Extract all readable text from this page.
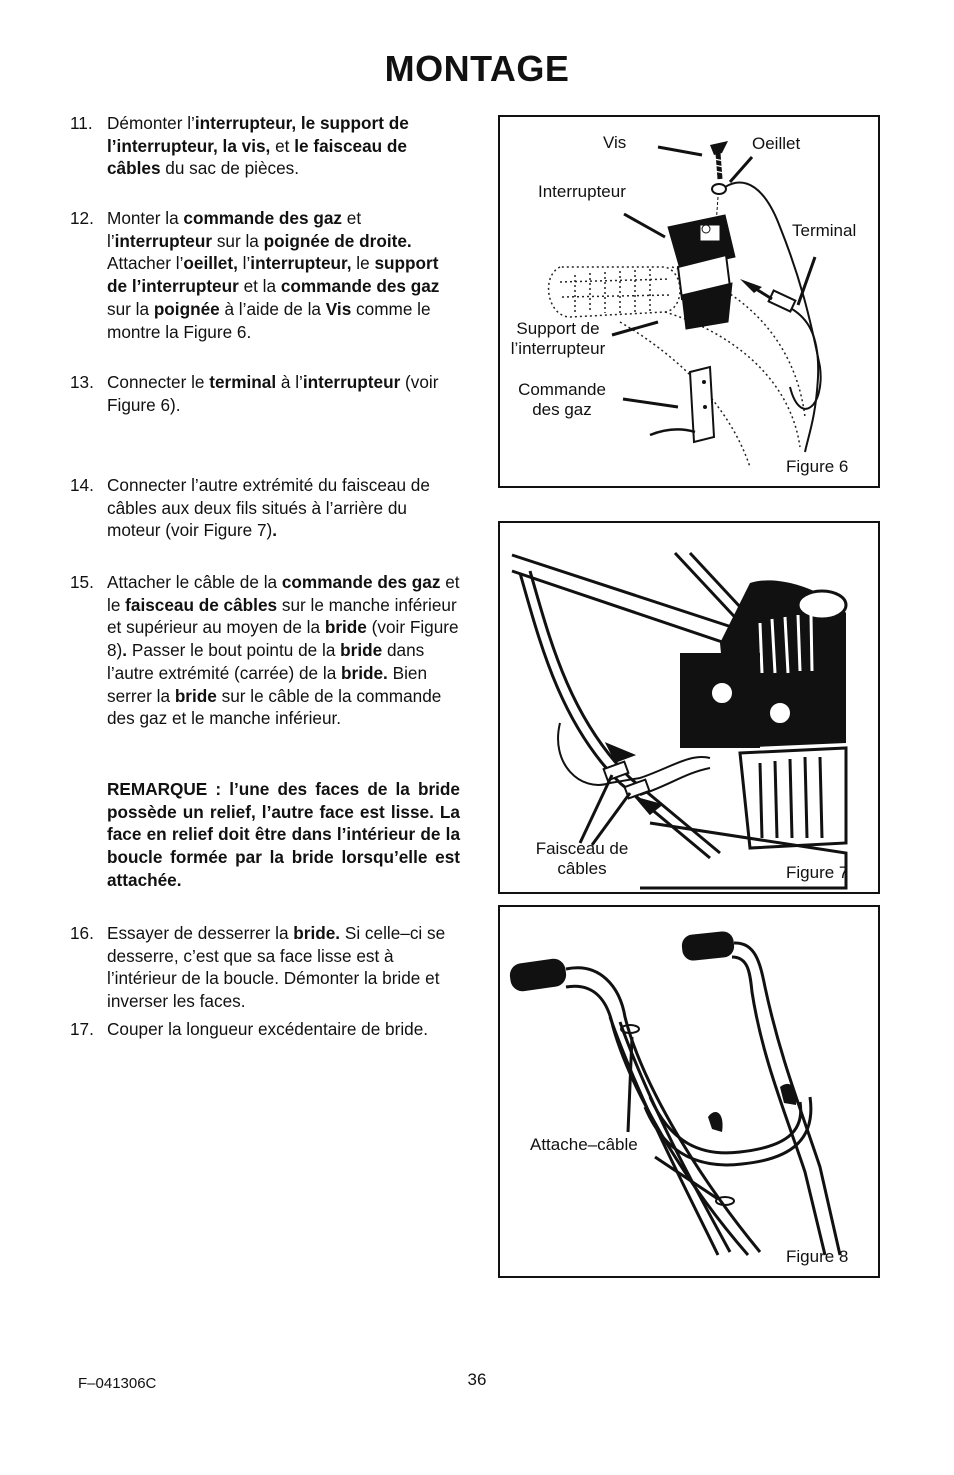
MONTAGE
11. Démonter l’interrupteur, le support de l’interrupteur, la vis, et le faisceau de câbles du sac de pièces.
12. Monter la commande des gaz et l’interrupteur sur la poignée de droite. Attacher l’oeillet, l’interrupteur, le support de l’interrupteur et la commande des gaz sur la poignée à l’aide de la Vis comme le montre la Figure 6.
13. Connecter le terminal à l’interrupteur (voir Figure 6).
14. Connecter l’autre extrémité du faisceau de câbles aux deux fils situés à l’arrière du moteur (voir Figure 7).
15. Attacher le câble de la commande des gaz et le faisceau de câbles sur le manche inférieur et supérieur au moyen de la bride (voir Figure 8). Passer le bout pointu de la bride dans l’autre extrémité (carrée) de la bride. Bien serrer la bride sur le câble de la commande des gaz et le manche inférieur.
REMARQUE : l’une des faces de la bride possède un relief, l’autre face est lisse. La face en relief doit être dans l’intérieur de la boucle formée par la bride lorsqu’elle est attachée.
16. Essayer de desserrer la bride. Si celle–ci se desserre, c’est que sa face lisse est à l’intérieur de la boucle. Démonter la bride et inverser les faces.
17. Couper la longueur excédentaire de bride.
Vis	Oeillet
Interrupteur
Terminal
Support de
l’interrupteur
Commande
des gaz
Figure 6
Faisceau de
câbles	Figure 7
Attache–câble
Figure 8
F–041306C	36
